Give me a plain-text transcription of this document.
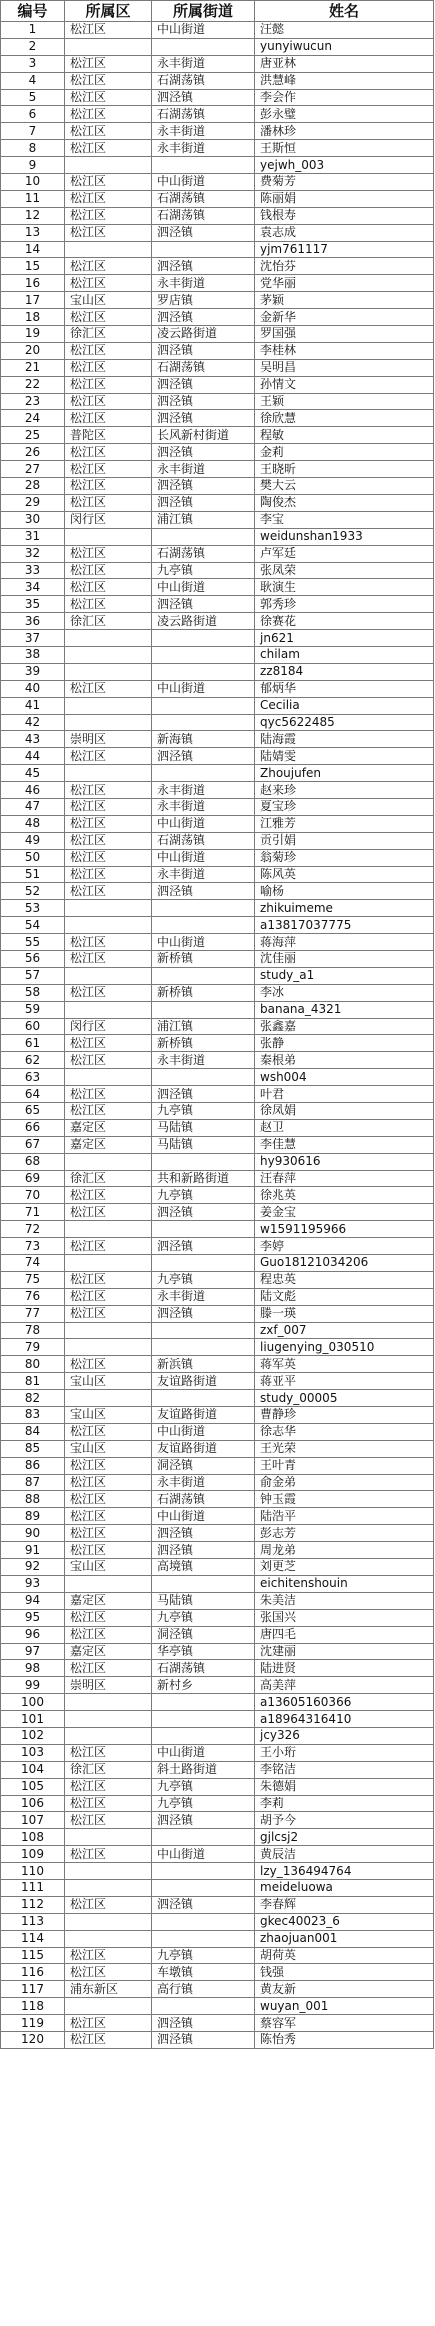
编号	所属区	所属街道	姓名
1	松江区	中山街道	汪懿
2			yunyiwucun
3	松江区	永丰街道	唐亚林
4	松江区	石湖荡镇	洪慧峰
5	松江区	泗泾镇	李会作
6	松江区	石湖荡镇	彭永璧
7	松江区	永丰街道	潘林珍
8	松江区	永丰街道	王斯恒
9			yejwh_003
10	松江区	中山街道	费菊芳
11	松江区	石湖荡镇	陈丽娟
12	松江区	石湖荡镇	钱根寿
13	松江区	泗泾镇	袁志成
14			yjm761117
15	松江区	泗泾镇	沈怡芬
16	松江区	永丰街道	党华丽
17	宝山区	罗店镇	茅颖
18	松江区	泗泾镇	金新华
19	徐汇区	凌云路街道	罗国强
20	松江区	泗泾镇	李桂林
21	松江区	石湖荡镇	吴明昌
22	松江区	泗泾镇	孙情文
23	松江区	泗泾镇	王颖
24	松江区	泗泾镇	徐欣慧
25	普陀区	长风新村街道	程敏
26	松江区	泗泾镇	金莉
27	松江区	永丰街道	王晓昕
28	松江区	泗泾镇	樊大云
29	松江区	泗泾镇	陶俊杰
30	闵行区	浦江镇	李宝
31			weidunshan1933
32	松江区	石湖荡镇	卢军廷
33	松江区	九亭镇	张凤荣
34	松江区	中山街道	耿演生
35	松江区	泗泾镇	郭秀珍
36	徐汇区	凌云路街道	徐赛花
37			jn621
38			chilam
39			zz8184
40	松江区	中山街道	郁炳华
41			Cecilia
42			qyc5622485
43	崇明区	新海镇	陆海霞
44	松江区	泗泾镇	陆婧雯
45			Zhoujufen
46	松江区	永丰街道	赵来珍
47	松江区	永丰街道	夏宝珍
48	松江区	中山街道	江雅芳
49	松江区	石湖荡镇	贡引娟
50	松江区	中山街道	翁菊珍
51	松江区	永丰街道	陈风英
52	松江区	泗泾镇	喻杨
53			zhikuimeme
54			a13817037775
55	松江区	中山街道	蒋海萍
56	松江区	新桥镇	沈佳丽
57			study_a1
58	松江区	新桥镇	李冰
59			banana_4321
60	闵行区	浦江镇	张鑫嘉
61	松江区	新桥镇	张静
62	松江区	永丰街道	秦根弟
63			wsh004
64	松江区	泗泾镇	叶君
65	松江区	九亭镇	徐凤娟
66	嘉定区	马陆镇	赵卫
67	嘉定区	马陆镇	李佳慧
68			hy930616
69	徐汇区	共和新路街道	汪春萍
70	松江区	九亭镇	徐兆英
71	松江区	泗泾镇	姜金宝
72			w1591195966
73	松江区	泗泾镇	李婷
74			Guo18121034206
75	松江区	九亭镇	程忠英
76	松江区	永丰街道	陆文彪
77	松江区	泗泾镇	滕一瑛
78			zxf_007
79			liugenying_030510
80	松江区	新浜镇	蒋军英
81	宝山区	友谊路街道	蒋亚平
82			study_00005
83	宝山区	友谊路街道	曹静珍
84	松江区	中山街道	徐志华
85	宝山区	友谊路街道	王光荣
86	松江区	洞泾镇	王叶青
87	松江区	永丰街道	俞金弟
88	松江区	石湖荡镇	钟玉霞
89	松江区	中山街道	陆浩平
90	松江区	泗泾镇	彭志芳
91	松江区	泗泾镇	周龙弟
92	宝山区	高境镇	刘更芝
93			eichitenshouin
94	嘉定区	马陆镇	朱美洁
95	松江区	九亭镇	张国兴
96	松江区	洞泾镇	唐四毛
97	嘉定区	华亭镇	沈建丽
98	松江区	石湖荡镇	陆进贤
99	崇明区	新村乡	高美萍
100			a13605160366
101			a18964316410
102			jcy326
103	松江区	中山街道	王小珩
104	徐汇区	斜土路街道	李铭洁
105	松江区	九亭镇	朱德娟
106	松江区	九亭镇	李莉
107	松江区	泗泾镇	胡予今
108			gjlcsj2
109	松江区	中山街道	黄辰洁
110			lzy_136494764
111			meideluowa
112	松江区	泗泾镇	李春辉
113			gkec40023_6
114			zhaojuan001
115	松江区	九亭镇	胡荷英
116	松江区	车墩镇	钱强
117	浦东新区	高行镇	黄友新
118			wuyan_001
119	松江区	泗泾镇	蔡容军
120	松江区	泗泾镇	陈怡秀
